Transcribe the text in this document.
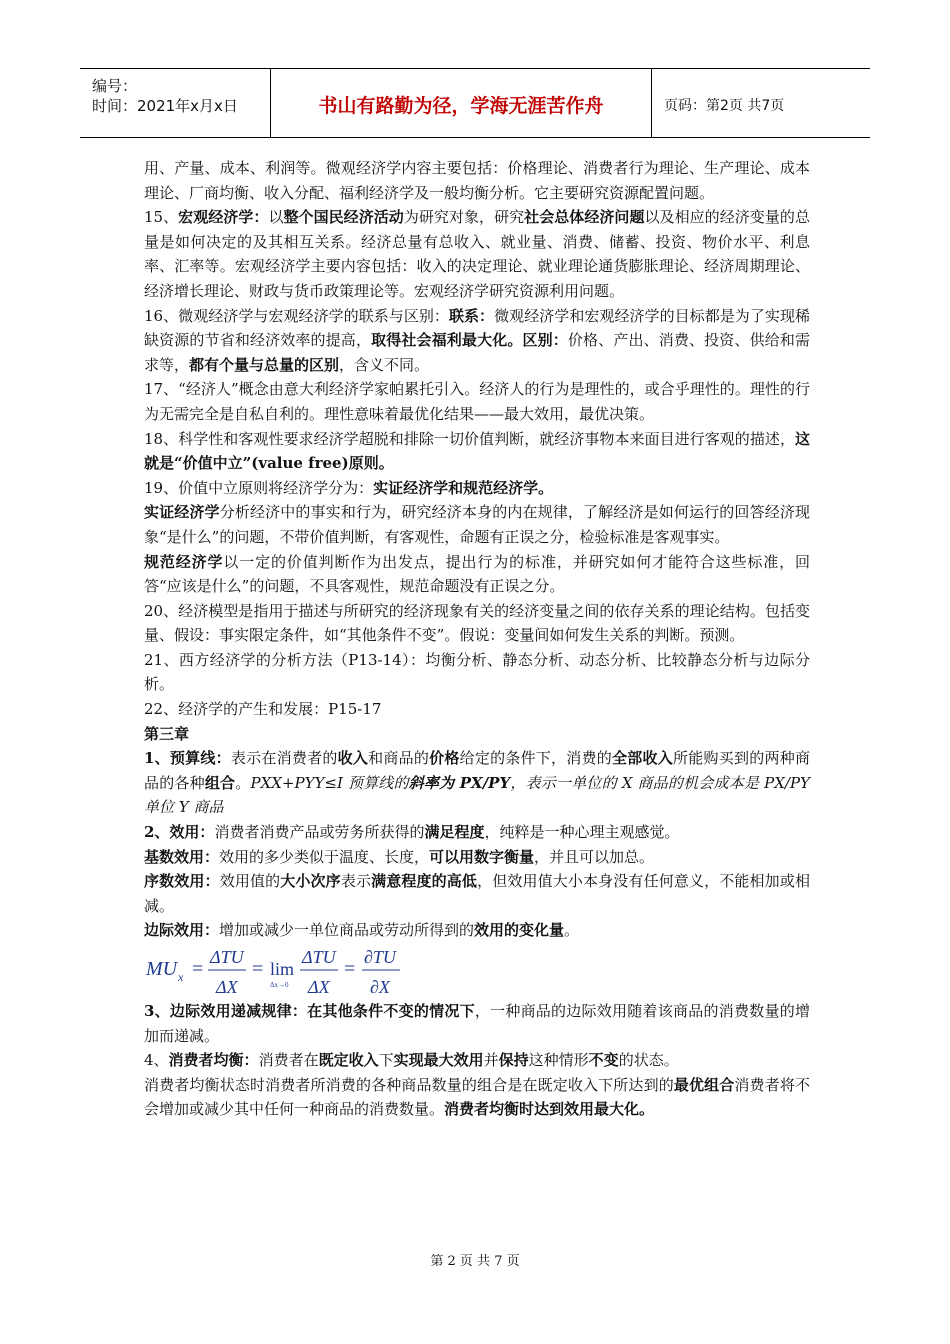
编号：
时间：2021年x月x日	书山有路勤为径，学海无涯苦作舟	页码：第2页 共7页

用、产量、成本、利润等。微观经济学内容主要包括：价格理论、消费者行为理论、生产理论、成本理论、厂商均衡、收入分配、福利经济学及一般均衡分析。它主要研究资源配置问题。

15、宏观经济学：以整个国民经济活动为研究对象，研究社会总体经济问题以及相应的经济变量的总量是如何决定的及其相互关系。经济总量有总收入、就业量、消费、储蓄、投资、物价水平、利息率、汇率等。宏观经济学主要内容包括：收入的决定理论、就业理论通货膨胀理论、经济周期理论、经济增长理论、财政与货币政策理论等。宏观经济学研究资源利用问题。

16、微观经济学与宏观经济学的联系与区别：联系：微观经济学和宏观经济学的目标都是为了实现稀缺资源的节省和经济效率的提高，取得社会福利最大化。区别：价格、产出、消费、投资、供给和需求等，都有个量与总量的区别，含义不同。

17、“经济人”概念由意大利经济学家帕累托引入。经济人的行为是理性的，或合乎理性的。理性的行为无需完全是自私自利的。理性意味着最优化结果——最大效用，最优决策。

18、科学性和客观性要求经济学超脱和排除一切价值判断，就经济事物本来面目进行客观的描述，这就是“价值中立”(value free)原则。

19、价值中立原则将经济学分为：实证经济学和规范经济学。

实证经济学分析经济中的事实和行为，研究经济本身的内在规律，了解经济是如何运行的回答经济现象“是什么”的问题，不带价值判断，有客观性，命题有正误之分，检验标准是客观事实。

规范经济学以一定的价值判断作为出发点，提出行为的标准，并研究如何才能符合这些标准，回答“应该是什么”的问题，不具客观性，规范命题没有正误之分。

20、经济模型是指用于描述与所研究的经济现象有关的经济变量之间的依存关系的理论结构。包括变量、假设：事实限定条件，如“其他条件不变”。假说：变量间如何发生关系的判断。预测。

21、西方经济学的分析方法（P13-14）：均衡分析、静态分析、动态分析、比较静态分析与边际分析。

22、经济学的产生和发展：P15-17

第三章

1、预算线：表示在消费者的收入和商品的价格给定的条件下，消费的全部收入所能购买到的两种商品的各种组合。PXX+PYY≤I 预算线的斜率为 PX/PY，表示一单位的 X 商品的机会成本是 PX/PY 单位 Y 商品

2、效用：消费者消费产品或劳务所获得的满足程度，纯粹是一种心理主观感觉。

基数效用：效用的多少类似于温度、长度，可以用数字衡量，并且可以加总。

序数效用：效用值的大小次序表示满意程度的高低，但效用值大小本身没有任何意义，不能相加或相减。

边际效用：增加或减少一单位商品或劳动所得到的效用的变化量。

MU x =
ΔTU
ΔX
= lim
Δx→0
ΔTU
ΔX
=
∂TU
∂X

3、边际效用递减规律：在其他条件不变的情况下，一种商品的边际效用随着该商品的消费数量的增加而递减。

4、消费者均衡：消费者在既定收入下实现最大效用并保持这种情形不变的状态。

消费者均衡状态时消费者所消费的各种商品数量的组合是在既定收入下所达到的最优组合消费者将不会增加或减少其中任何一种商品的消费数量。消费者均衡时达到效用最大化。

第 2 页 共 7 页
